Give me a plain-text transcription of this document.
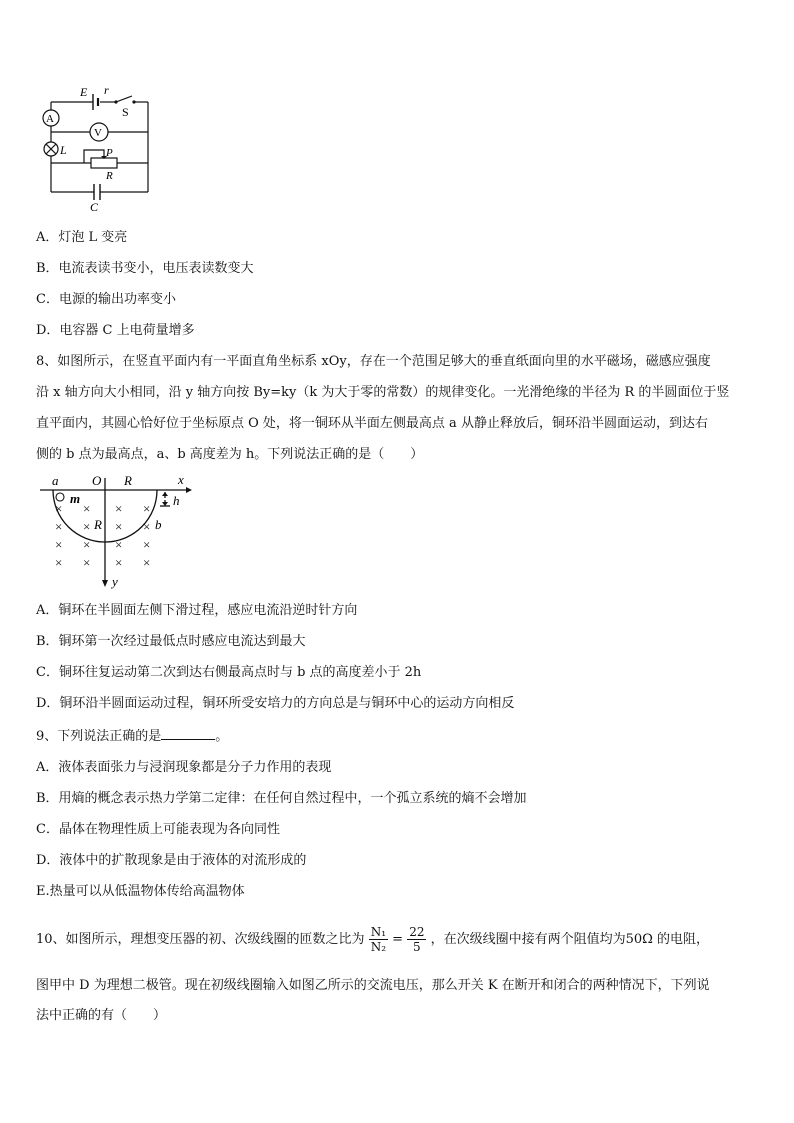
E r
S
A
V
L	P
R
C
A．灯泡 L 变亮
B．电流表读书变小，电压表读数变大
C．电源的输出功率变小
D．电容器 C 上电荷量增多
8、如图所示，在竖直平面内有一平面直角坐标系 xOy，存在一个范围足够大的垂直纸面向里的水平磁场，磁感应强度
沿 x 轴方向大小相同，沿 y 轴方向按 By=ky（k 为大于零的常数）的规律变化。一光滑绝缘的半径为 R 的半圆面位于竖
直平面内，其圆心恰好位于坐标原点 O 处，将一铜环从半面左侧最高点 a 从静止释放后，铜环沿半圆面运动，到达右
侧的 b 点为最高点，a、b 高度差为 h。下列说法正确的是（　　）
×
×
×
×
×
×
×
×
×
×
×
×
×
×
×
×
a	O R	x
m	h
R	b
y
A．铜环在半圆面左侧下滑过程，感应电流沿逆时针方向
B．铜环第一次经过最低点时感应电流达到最大
C．铜环往复运动第二次到达右侧最高点时与 b 点的高度差小于 2h
D．铜环沿半圆面运动过程，铜环所受安培力的方向总是与铜环中心的运动方向相反
9、下列说法正确的是	。
A．液体表面张力与浸润现象都是分子力作用的表现
B．用熵的概念表示热力学第二定律：在任何自然过程中，一个孤立系统的熵不会增加
C．晶体在物理性质上可能表现为各向同性
D．液体中的扩散现象是由于液体的对流形成的
E.热量可以从低温物体传给高温物体
10、如图所示，理想变压器的初、次级线圈的匝数之比为 $\frac{\text{N₁}}{\text{N₂}} = \frac{22}{5}$ ，在次级线圈中接有两个阻值均为50Ω 的电阻，
图甲中 D 为理想二极管。现在初级线圈输入如图乙所示的交流电压，那么开关 K 在断开和闭合的两种情况下，下列说
法中正确的有（　　）
